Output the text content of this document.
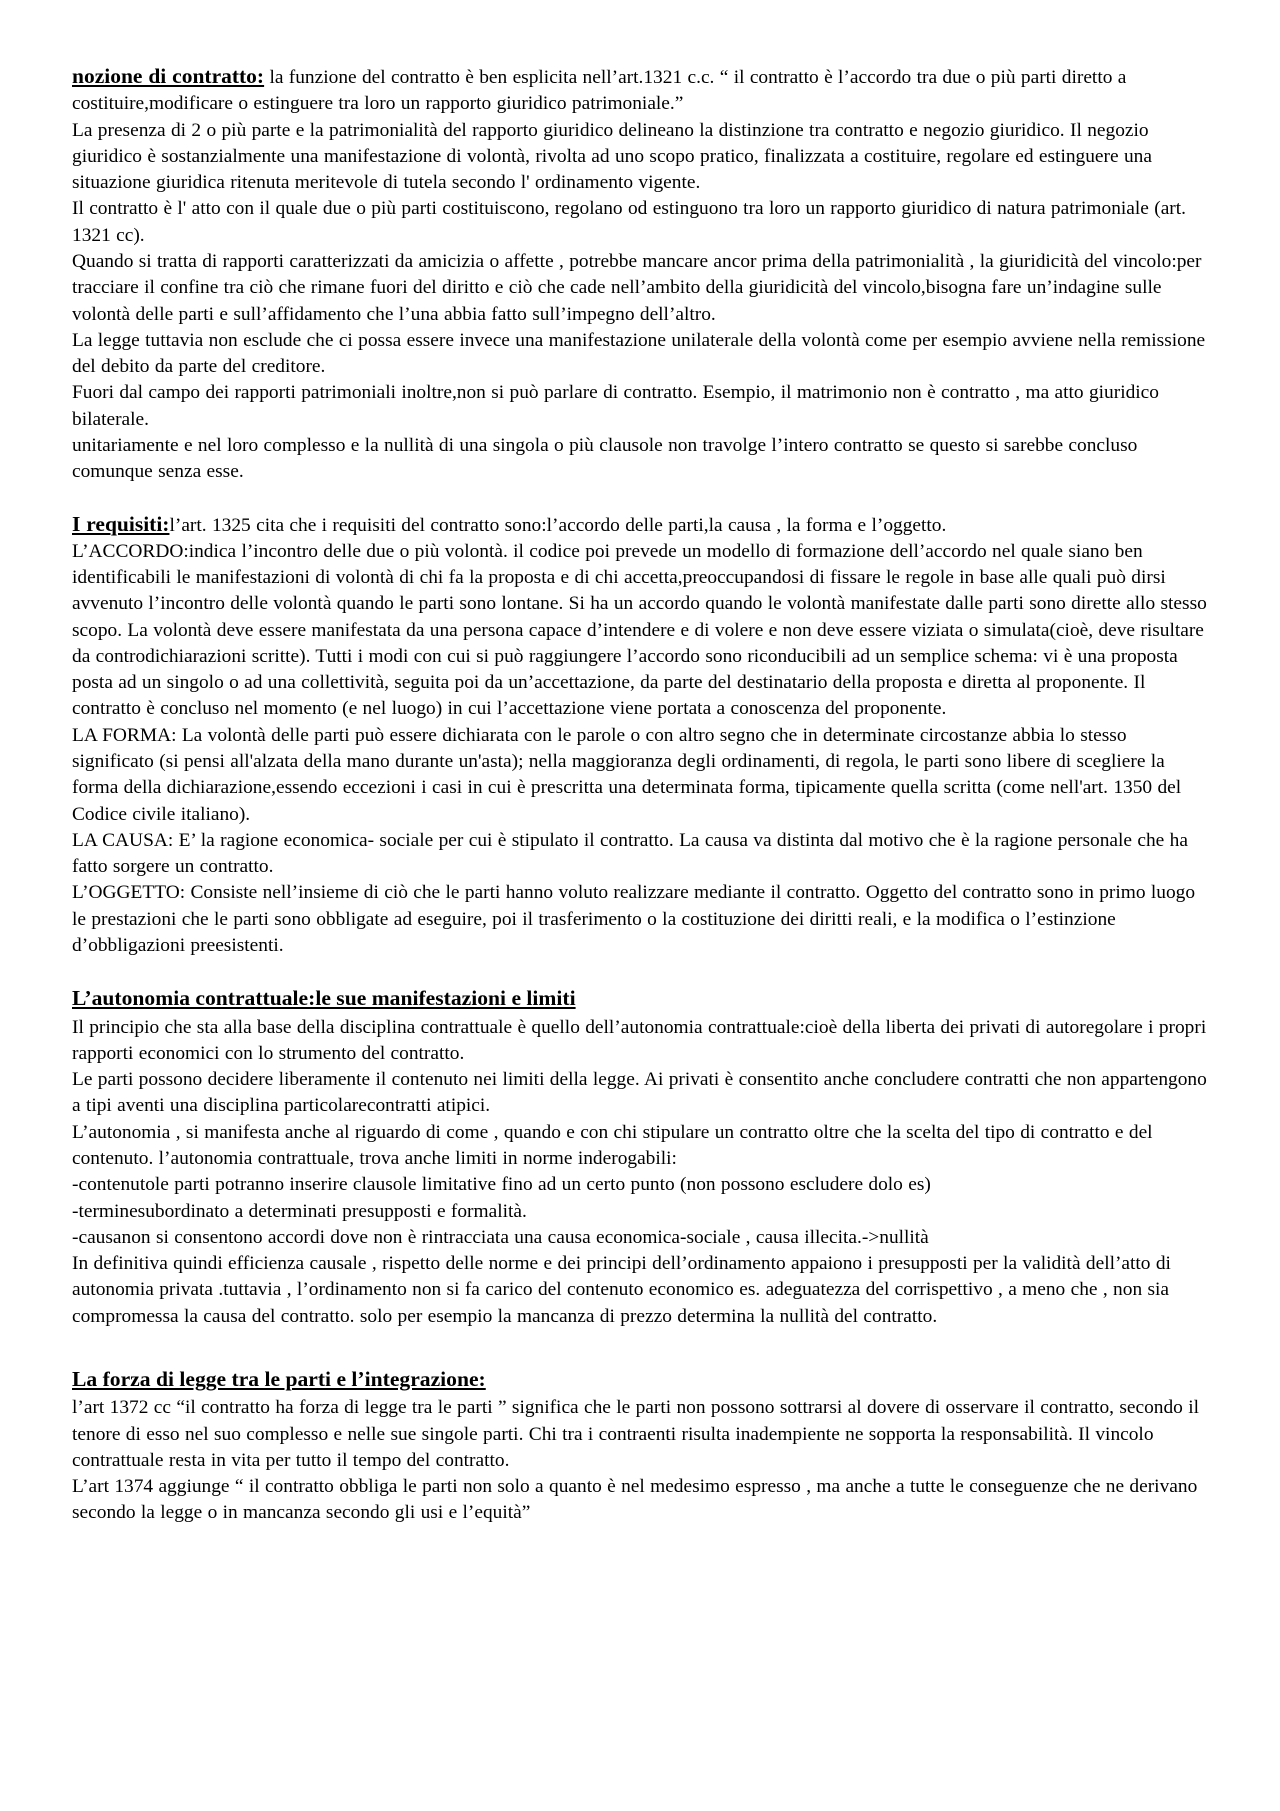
nozione di contratto: la funzione del contratto è ben esplicita nell’art.1321 c.c. “ il contratto è l’accordo tra due o più parti diretto a costituire,modificare o estinguere tra loro un rapporto giuridico patrimoniale.”

La presenza di 2 o più parte e la patrimonialità del rapporto giuridico delineano la distinzione tra contratto e negozio giuridico. Il negozio giuridico è sostanzialmente una manifestazione di volontà, rivolta ad uno scopo pratico, finalizzata a costituire, regolare ed estinguere una situazione giuridica ritenuta meritevole di tutela secondo l' ordinamento vigente.

Il contratto è l' atto con il quale due o più parti costituiscono, regolano od estinguono tra loro un rapporto giuridico di natura patrimoniale (art. 1321 cc).

Quando si tratta di rapporti caratterizzati da amicizia o affette , potrebbe mancare ancor prima della patrimonialità , la giuridicità del vincolo:per tracciare il confine tra ciò che rimane fuori del diritto e ciò che cade nell’ambito della giuridicità del vincolo,bisogna fare un’indagine sulle volontà delle parti e sull’affidamento che l’una abbia fatto sull’impegno dell’altro.

La legge tuttavia non esclude che ci possa essere invece una manifestazione unilaterale della volontà come per esempio avviene nella remissione del debito da parte del creditore.

Fuori dal campo dei rapporti patrimoniali inoltre,non si può parlare di contratto. Esempio, il matrimonio non è contratto , ma atto giuridico bilaterale.

unitariamente e nel loro complesso e la nullità di una singola o più clausole non travolge l’intero contratto se questo si sarebbe concluso comunque senza esse.

I requisiti:l’art. 1325 cita che i requisiti del contratto sono:l’accordo delle parti,la causa , la forma e l’oggetto.

L’ACCORDO:indica l’incontro delle due o più volontà. il codice poi prevede un modello di formazione dell’accordo nel quale siano ben identificabili le manifestazioni di volontà di chi fa la proposta e di chi accetta,preoccupandosi di fissare le regole in base alle quali può dirsi avvenuto l’incontro delle volontà quando le parti sono lontane. Si ha un accordo quando le volontà manifestate dalle parti sono dirette allo stesso scopo. La volontà deve essere manifestata da una persona capace d’intendere e di volere e non deve essere viziata o simulata(cioè, deve risultare da controdichiarazioni scritte). Tutti i modi con cui si può raggiungere l’accordo sono riconducibili ad un semplice schema: vi è una proposta posta ad un singolo o ad una collettività, seguita poi da un’accettazione, da parte del destinatario della proposta e diretta al proponente. Il contratto è concluso nel momento (e nel luogo) in cui l’accettazione viene portata a conoscenza del proponente.

LA FORMA: La volontà delle parti può essere dichiarata con le parole o con altro segno che in determinate circostanze abbia lo stesso significato (si pensi all'alzata della mano durante un'asta); nella maggioranza degli ordinamenti, di regola, le parti sono libere di scegliere la forma della dichiarazione,essendo eccezioni i casi in cui è prescritta una determinata forma, tipicamente quella scritta (come nell'art. 1350 del Codice civile italiano).

LA CAUSA: E’ la ragione economica- sociale per cui è stipulato il contratto. La causa va distinta dal motivo che è la ragione personale che ha fatto sorgere un contratto.

L’OGGETTO: Consiste nell’insieme di ciò che le parti hanno voluto realizzare mediante il contratto. Oggetto del contratto sono in primo luogo le prestazioni che le parti sono obbligate ad eseguire, poi il trasferimento o la costituzione dei diritti reali, e la modifica o l’estinzione d’obbligazioni preesistenti.

L’autonomia contrattuale:le sue manifestazioni e limiti

Il principio che sta alla base della disciplina contrattuale è quello dell’autonomia contrattuale:cioè della liberta dei privati di autoregolare i propri rapporti economici con lo strumento del contratto.

Le parti possono decidere liberamente il contenuto nei limiti della legge. Ai privati è consentito anche concludere contratti che non appartengono a tipi aventi una disciplina particolarecontratti atipici.

L’autonomia , si manifesta anche al riguardo di come , quando e con chi stipulare un contratto oltre che la scelta del tipo di contratto e del contenuto. l’autonomia contrattuale, trova anche limiti in norme inderogabili:

-contenutole parti potranno inserire clausole limitative fino ad un certo punto (non possono escludere dolo es)

-terminesubordinato a determinati presupposti e formalità.

-causanon si consentono accordi dove non è rintracciata una causa economica-sociale , causa illecita.->nullità

In definitiva quindi efficienza causale , rispetto delle norme e dei principi dell’ordinamento appaiono i presupposti per la validità dell’atto di autonomia privata .tuttavia , l’ordinamento non si fa carico del contenuto economico es. adeguatezza del corrispettivo , a meno che , non sia compromessa la causa del contratto. solo per esempio la mancanza di prezzo determina la nullità del contratto.

La forza di legge tra le parti e l’integrazione:

l’art 1372 cc “il contratto ha forza di legge tra le parti ” significa che le parti non possono sottrarsi al dovere di osservare il contratto, secondo il tenore di esso nel suo complesso e nelle sue singole parti. Chi tra i contraenti risulta inadempiente ne sopporta la responsabilità. Il vincolo contrattuale resta in vita per tutto il tempo del contratto.

L’art 1374 aggiunge “ il contratto obbliga le parti non solo a quanto è nel medesimo espresso , ma anche a tutte le conseguenze che ne derivano secondo la legge o in mancanza secondo gli usi e l’equità”
